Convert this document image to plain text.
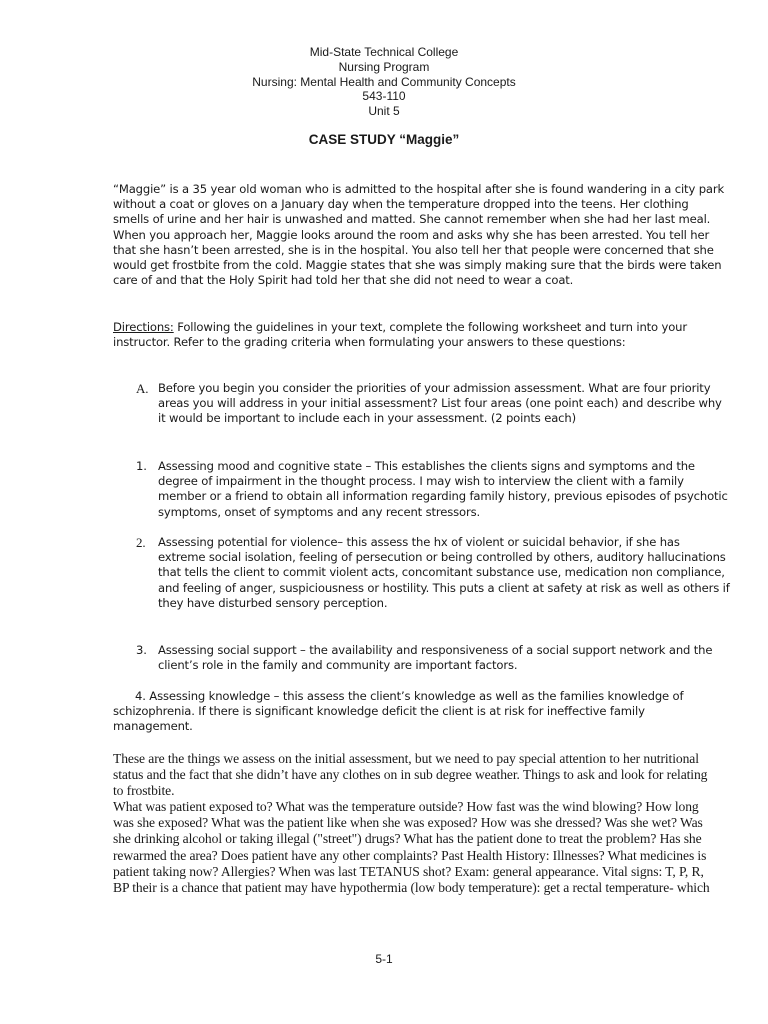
Mid-State Technical College
Nursing Program
Nursing: Mental Health and Community Concepts
543-110
Unit 5
CASE STUDY “Maggie”
“Maggie” is a 35 year old woman who is admitted to the hospital after she is found wandering in a city park without a coat or gloves on a January day when the temperature dropped into the teens. Her clothing smells of urine and her hair is unwashed and matted. She cannot remember when she had her last meal. When you approach her, Maggie looks around the room and asks why she has been arrested. You tell her that she hasn’t been arrested, she is in the hospital. You also tell her that people were concerned that she would get frostbite from the cold. Maggie states that she was simply making sure that the birds were taken care of and that the Holy Spirit had told her that she did not need to wear a coat.
Directions: Following the guidelines in your text, complete the following worksheet and turn into your instructor. Refer to the grading criteria when formulating your answers to these questions:
A. Before you begin you consider the priorities of your admission assessment. What are four priority areas you will address in your initial assessment? List four areas (one point each) and describe why it would be important to include each in your assessment. (2 points each)
1. Assessing mood and cognitive state – This establishes the clients signs and symptoms and the degree of impairment in the thought process. I may wish to interview the client with a family member or a friend to obtain all information regarding family history, previous episodes of psychotic symptoms, onset of symptoms and any recent stressors.
2. Assessing potential for violence– this assess the hx of violent or suicidal behavior, if she has extreme social isolation, feeling of persecution or being controlled by others, auditory hallucinations that tells the client to commit violent acts, concomitant substance use, medication non compliance, and feeling of anger, suspiciousness or hostility. This puts a client at safety at risk as well as others if they have disturbed sensory perception.
3. Assessing social support – the availability and responsiveness of a social support network and the client’s role in the family and community are important factors.
4. Assessing knowledge – this assess the client’s knowledge as well as the families knowledge of schizophrenia. If there is significant knowledge deficit the client is at risk for ineffective family management.
These are the things we assess on the initial assessment, but we need to pay special attention to her nutritional status and the fact that she didn’t have any clothes on in sub degree weather. Things to ask and look for relating to frostbite.
What was patient exposed to? What was the temperature outside? How fast was the wind blowing? How long was she exposed? What was the patient like when she was exposed? How was she dressed? Was she wet? Was she drinking alcohol or taking illegal ("street") drugs? What has the patient done to treat the problem? Has she rewarmed the area? Does patient have any other complaints? Past Health History: Illnesses? What medicines is patient taking now? Allergies? When was last TETANUS shot? Exam: general appearance. Vital signs: T, P, R, BP their is a chance that patient may have hypothermia (low body temperature): get a rectal temperature- which
5-1
